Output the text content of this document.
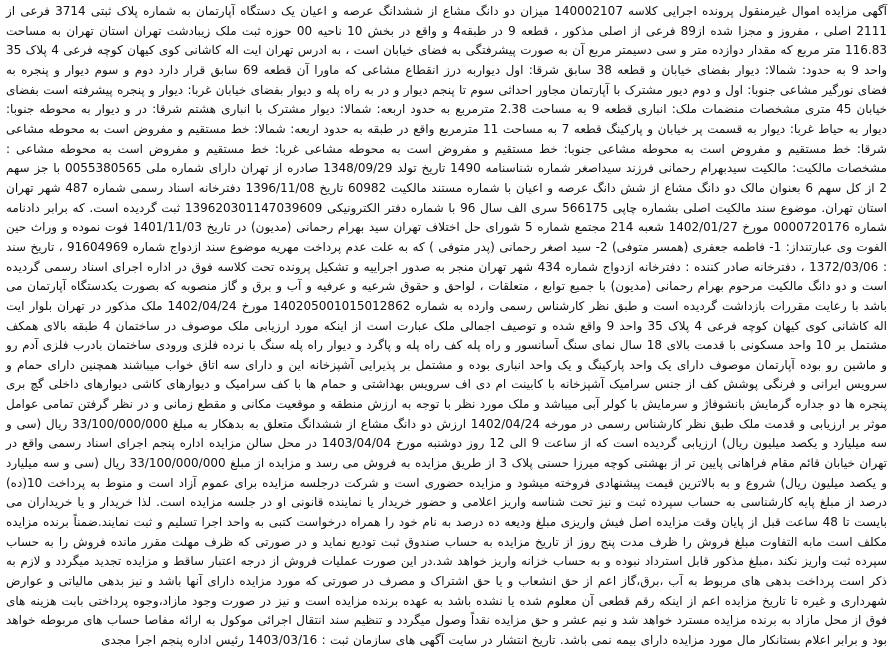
آگهی مزایده اموال غیرمنقول پرونده اجرایی کلاسه 140002107 میزان دو دانگ مشاع از ششدانگ عرصه و اعیان یک دستگاه آپارتمان به شماره پلاک ثبتی 3714 فرعی از 2111 اصلی ، مفروز و مجزا شده از89 فرعی از اصلی مذکور ، قطعه 9 در طبقه4 و واقع در بخش 10 ناحیه 00 حوزه ثبت ملک زیبادشت تهران استان تهران به مساحت 116.83 متر مربع که مقدار دوازده متر و سی دسیمتر مربع آن به صورت پیشرفتگی به فضای خیابان است ، به ادرس تهران ایت اله کاشانی کوی کیهان کوچه فرعی 4 پلاک 35 واحد 9 به حدود: شمالا: دیوار بفضای خیابان و قطعه 38 سابق شرقا: اول دیواربه درز انقطاع مشاعی که ماورا آن قطعه 69 سابق قرار دارد دوم و سوم دیوار و پنجره به فضای نورگیر مشاعی جنوبا: اول و دوم دیور مشترک با آپارتمان مجاور احداثی سوم تا پنجم دیوار و در به راه پله و دیوار بفضای خیابان غربا: دیوار و پنجره پیشرفته است بفضای خیابان 45 متری مشخصات منضمات ملک: انباری قطعه 9 به مساحت 2.38 مترمربع به حدود اربعه: شمالا: دیوار مشترک با انباری هشتم شرقا: در و دیوار به محوطه جنوبا: دیوار به حیاط غربا: دیوار به قسمت پر خیابان و پارکینگ قطعه 7 به مساحت 11 مترمربع واقع در طبقه به حدود اربعه: شمالا: خط مستقیم و مفروض است به محوطه مشاعی شرقا: خط مستقیم و مفروض است به محوطه مشاعی جنوبا: خط مستقیم و مفروض است به محوطه مشاعی غربا: خط مستقیم و مفروض است به محوطه مشاعی : مشخصات مالکیت: مالکیت سیدبهرام رحمانی فرزند سیداصغر شماره شناسنامه 1490 تاریخ تولد 1348/09/29 صادره از تهران دارای شماره ملی 0055380565 با جز سهم 2 از کل سهم 6 بعنوان مالک دو دانگ مشاع از شش دانگ عرصه و اعیان با شماره مستند مالکیت 60982 تاریخ 1396/11/08 دفترخانه اسناد رسمی شماره 487 شهر تهران استان تهران. موضوع سند مالکیت اصلی بشماره چاپی 566175 سری الف سال 96 با شماره دفتر الکترونیکی 139620301147039609 ثبت گردیده است. که برابر دادنامه شماره 0000720176 مورخ 1402/01/27 شعبه 214 مجتمع شماره 5 شورای حل اختلاف تهران سید بهرام رحمانی (مدیون) در تاریخ 1401/11/03 فوت نموده و وراث حین الفوت وی عبارتنداز: 1- فاطمه جعفری (همسر متوفی) 2- سید اصغر رحمانی (پدر متوفی ) که به علت عدم پرداخت مهریه موضوع سند ازدواج شماره 91604969 ، تاریخ سند : 1372/03/06 ، دفترخانه صادر کننده : دفترخانه ازدواج شماره 434 شهر تهران منجر به صدور اجراییه و تشکیل پرونده تحت کلاسه فوق در اداره اجرای اسناد رسمی گردیده است و دو دانگ مالکیت مرحوم بهرام رحمانی (مدیون) با جمیع توابع ، متعلقات ، لواحق و حقوق شرعیه و عرفیه و آب و برق و گاز منصوبه که بصورت یکدستگاه آپارتمان می باشد با رعایت مقررات بازداشت گردیده است و طبق نظر کارشناس رسمی وارده به شماره 140205001015012862 مورخ 1402/04/24 ملک مذکور در تهران بلوار ایت اله کاشانی کوی کیهان کوچه فرعی 4 پلاک 35 واحد 9 واقع شده و توصیف اجمالی ملک عبارت است از اینکه مورد ارزیابی ملک موصوف در ساختمان 4 طبقه بالای همکف مشتمل بر 10 واحد مسکونی با قدمت بالای 18 سال نمای سنگ آسانسور و راه پله کف راه پله و پاگرد و دیوار راه پله سنگ با نرده فلزی ورودی ساختمان بادرب فلزی آدم رو و ماشین رو بوده آپارتمان موصوف دارای یک واحد پارکینگ و یک واحد انباری بوده و مشتمل بر پذیرایی آشپزخانه این و دارای سه اتاق خواب میباشند همچنین دارای حمام و سرویس ایرانی و فرنگی پوشش کف از جنس سرامیک آشپزخانه با کابینت ام دی اف سرویس بهداشتی و حمام ها با کف سرامیک و دیوارهای کاشی دیوارهای داخلی گچ بری پنجره ها دو جداره گرمایش بانشوفاژ و سرمایش با کولر آبی میباشد و ملک مورد نظر با توجه به ارزش منطقه و موقعیت مکانی و مقطع زمانی و در نظر گرفتن تمامی عوامل موثر بر ارزیابی و قدمت ملک طبق نظر کارشناس رسمی در مورخه 1402/04/24 ارزش دو دانگ مشاع از ششدانگ متعلق به بدهکار به مبلغ 33/100/000/000 ریال (سی و سه میلیارد و یکصد میلیون ریال) ارزیابی گردیده است که از ساعت 9 الی 12 روز دوشنبه مورخ 1403/04/04 در محل سالن مزایده اداره پنجم اجرای اسناد رسمی واقع در تهران خیابان قائم مقام فراهانی پایین تر از بهشتی کوچه میرزا حسنی پلاک 3 از طریق مزایده به فروش می رسد و مزایده از مبلغ 33/100/000/000 ریال (سی و سه میلیارد و یکصد میلیون ریال) شروع و به بالاترین قیمت پیشنهادی فروخته میشود و مزایده حضوری است و شرکت درجلسه مزایده برای عموم آزاد است و منوط به پرداخت 10(ده) درصد از مبلغ پایه کارشناسی به حساب سپرده ثبت و نیز تحت شناسه واریز اعلامی و حضور خریدار یا نماینده قانونی او در جلسه مزایده است. لذا خریدار و یا خریداران می بایست تا 48 ساعت قبل از پایان وقت مزایده اصل فیش واریزی مبلغ ودیعه ده درصد به نام خود را همراه درخواست کتبی به واحد اجرا تسلیم و ثبت نمایند.ضمناً برنده مزایده مکلف است مابه التفاوت مبلغ فروش را ظرف مدت پنج روز از تاریخ مزایده به حساب صندوق ثبت تودیع نماید و در صورتی که ظرف مهلت مقرر مانده فروش را به حساب سپرده ثبت واریز نکند ،مبلغ مذکور قابل استرداد نبوده و به حساب خزانه واریز خواهد شد.در این صورت عملیات فروش از درجه اعتبار ساقط و مزایده تجدید میگردد و لازم به ذکر است پرداخت بدهی های مربوط به آب ،برق،گاز اعم از حق انشعاب و یا حق اشتراک و مصرف در صورتی که مورد مزایده دارای آنها باشد و نیز بدهی مالیاتی و عوارض شهرداری و غیره تا تاریخ مزایده اعم از اینکه رقم قطعی آن معلوم شده یا نشده باشد به عهده برنده مزایده است و نیز در صورت وجود مازاد،وجوه پرداختی بابت هزینه های فوق از محل مازاد به برنده مزایده مسترد خواهد شد و نیم عشر و حق مزایده نقداً وصول میگردد و تنظیم سند انتقال اجرائی موکول به ارائه مفاصا حساب های مربوطه خواهد بود و برابر اعلام بستانکار مال مورد مزایده دارای بیمه نمی باشد. تاریخ انتشار در سایت آگهی های سازمان ثبت : 1403/03/16 رئیس اداره پنجم اجرا مجدی
